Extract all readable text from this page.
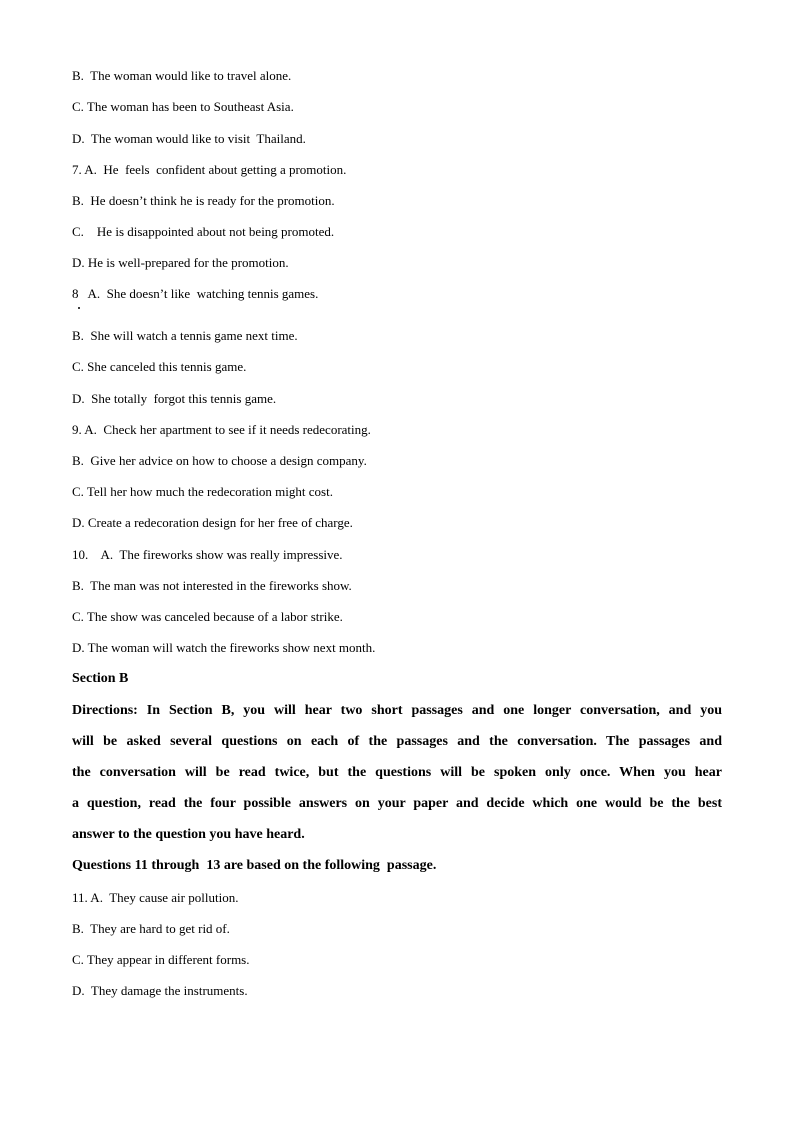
B.  The woman would like to travel alone.
C. The woman has been to Southeast Asia.
D.  The woman would like to visit  Thailand.
7. A.  He  feels  confident about getting a promotion.
B.  He doesn’t think he is ready for the promotion.
C.    He is disappointed about not being promoted.
D. He is well-prepared for the promotion.
8   A.  She doesn’t like  watching tennis games.
B.  She will watch a tennis game next time.
C. She canceled this tennis game.
D.  She totally  forgot this tennis game.
9. A.  Check her apartment to see if it needs redecorating.
B.  Give her advice on how to choose a design company.
C. Tell her how much the redecoration might cost.
D. Create a redecoration design for her free of charge.
10.    A.  The fireworks show was really impressive.
B.  The man was not interested in the fireworks show.
C. The show was canceled because of a labor strike.
D. The woman will watch the fireworks show next month.
Section B
Directions: In Section B, you will hear two short passages and one longer conversation, and you
will be asked several questions on each of the passages and the conversation. The passages and
the conversation will be read twice, but the questions will be spoken only once. When you hear
a question, read the four possible answers on your paper and decide which one would be the best
answer to the question you have heard.
Questions 11 through  13 are based on the following  passage.
11. A.  They cause air pollution.
B.  They are hard to get rid of.
C. They appear in different forms.
D.  They damage the instruments.
